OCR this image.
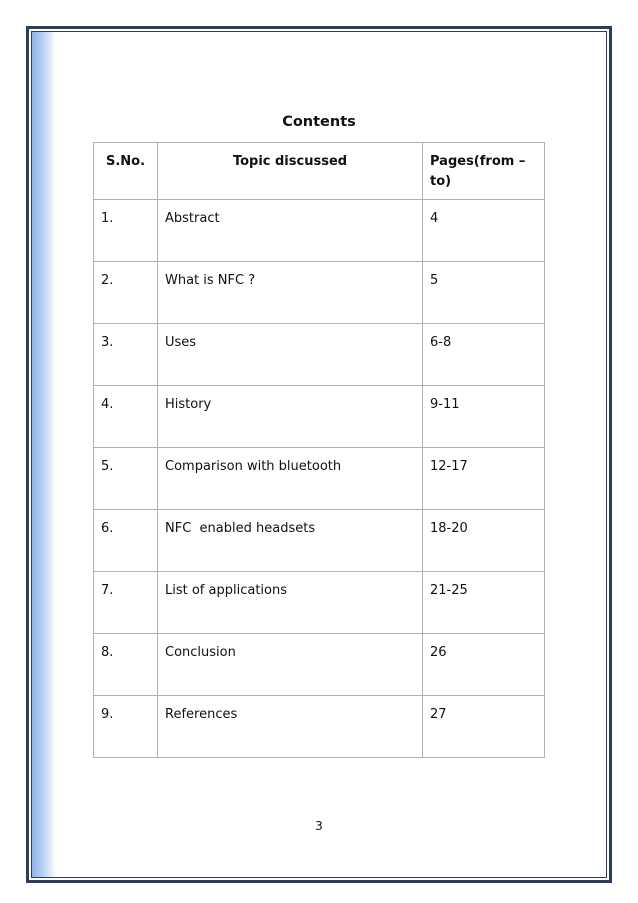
Contents
S.No.	Topic discussed	Pages(from – to)
1.	Abstract	4
2.	What is NFC ?	5
3.	Uses	6-8
4.	History	9-11
5.	Comparison with bluetooth	12-17
6.	NFC  enabled headsets	18-20
7.	List of applications	21-25
8.	Conclusion	26
9.	References	27
3
